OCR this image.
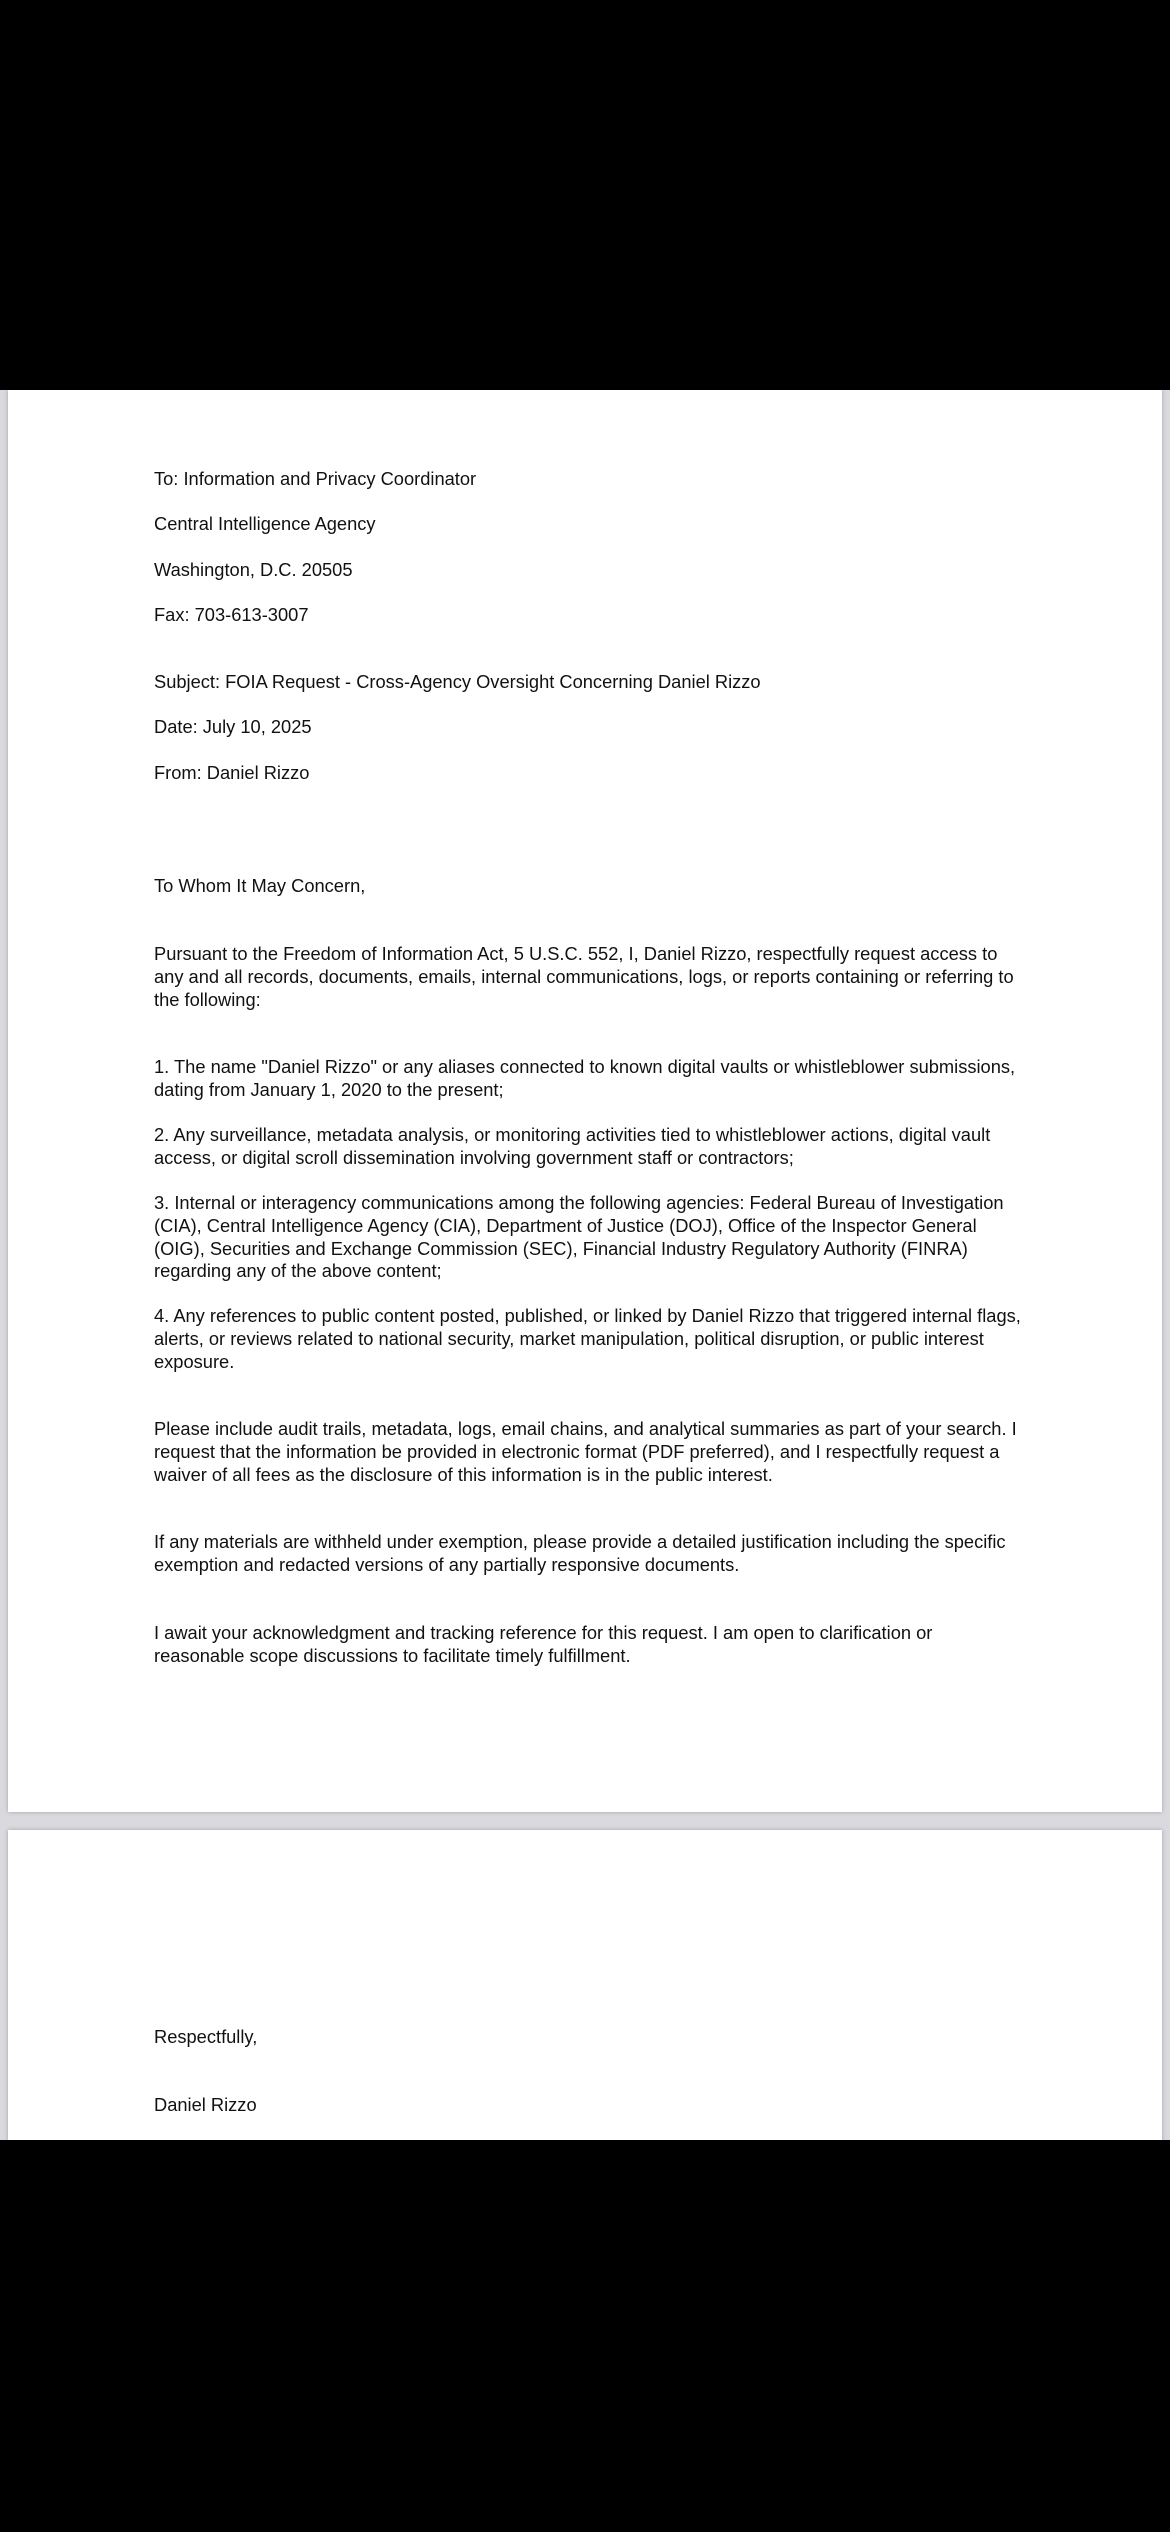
To: Information and Privacy Coordinator

Central Intelligence Agency

Washington, D.C. 20505

Fax: 703-613-3007

Subject: FOIA Request - Cross-Agency Oversight Concerning Daniel Rizzo

Date: July 10, 2025

From: Daniel Rizzo

To Whom It May Concern,

Pursuant to the Freedom of Information Act, 5 U.S.C. 552, I, Daniel Rizzo, respectfully request access to any and all records, documents, emails, internal communications, logs, or reports containing or referring to the following:

1. The name "Daniel Rizzo" or any aliases connected to known digital vaults or whistleblower submissions, dating from January 1, 2020 to the present;

2. Any surveillance, metadata analysis, or monitoring activities tied to whistleblower actions, digital vault access, or digital scroll dissemination involving government staff or contractors;

3. Internal or interagency communications among the following agencies: Federal Bureau of Investigation (CIA), Central Intelligence Agency (CIA), Department of Justice (DOJ), Office of the Inspector General (OIG), Securities and Exchange Commission (SEC), Financial Industry Regulatory Authority (FINRA) regarding any of the above content;

4. Any references to public content posted, published, or linked by Daniel Rizzo that triggered internal flags, alerts, or reviews related to national security, market manipulation, political disruption, or public interest exposure.

Please include audit trails, metadata, logs, email chains, and analytical summaries as part of your search. I request that the information be provided in electronic format (PDF preferred), and I respectfully request a waiver of all fees as the disclosure of this information is in the public interest.

If any materials are withheld under exemption, please provide a detailed justification including the specific exemption and redacted versions of any partially responsive documents.

I await your acknowledgment and tracking reference for this request. I am open to clarification or reasonable scope discussions to facilitate timely fulfillment.

Respectfully,

Daniel Rizzo
